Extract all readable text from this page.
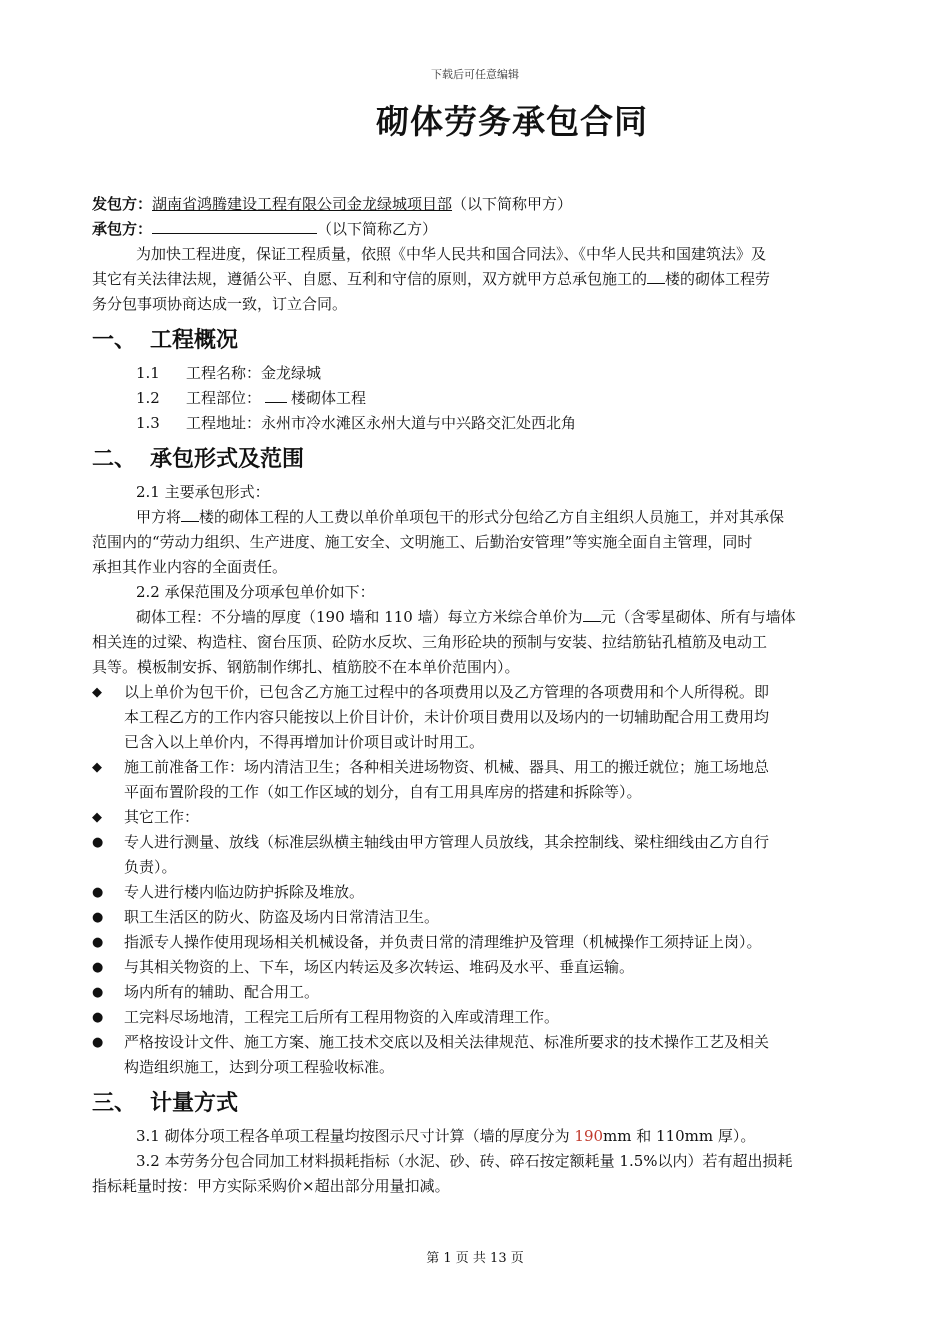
下载后可任意编辑
砌体劳务承包合同
发包方：湖南省鸿腾建设工程有限公司金龙绿城项目部（以下简称甲方）
承包方：	（以下简称乙方）
为加快工程进度，保证工程质量，依照《中华人民共和国合同法》、《中华人民共和国建筑法》及
其它有关法律法规，遵循公平、自愿、互利和守信的原则，双方就甲方总承包施工的 楼的砌体工程劳
务分包事项协商达成一致，订立合同。
一、 工程概况
1.1	工程名称：金龙绿城
1.2	工程部位： 楼砌体工程
1.3	工程地址：永州市冷水滩区永州大道与中兴路交汇处西北角
二、 承包形式及范围
2.1 主要承包形式：
甲方将 楼的砌体工程的人工费以单价单项包干的形式分包给乙方自主组织人员施工，并对其承保
范围内的“劳动力组织、生产进度、施工安全、文明施工、后勤治安管理”等实施全面自主管理，同时
承担其作业内容的全面责任。
2.2 承保范围及分项承包单价如下：
砌体工程：不分墙的厚度（190 墙和 110 墙）每立方米综合单价为 元（含零星砌体、所有与墙体
相关连的过梁、构造柱、窗台压顶、砼防水反坎、三角形砼块的预制与安装、拉结筋钻孔植筋及电动工
具等。模板制安拆、钢筋制作绑扎、植筋胶不在本单价范围内）。
◆	以上单价为包干价，已包含乙方施工过程中的各项费用以及乙方管理的各项费用和个人所得税。即
本工程乙方的工作内容只能按以上价目计价，未计价项目费用以及场内的一切辅助配合用工费用均
已含入以上单价内，不得再增加计价项目或计时用工。
◆	施工前准备工作：场内清洁卫生；各种相关进场物资、机械、器具、用工的搬迁就位；施工场地总
平面布置阶段的工作（如工作区域的划分，自有工用具库房的搭建和拆除等）。
◆	其它工作：
●	专人进行测量、放线（标准层纵横主轴线由甲方管理人员放线，其余控制线、梁柱细线由乙方自行
负责）。
●	专人进行楼内临边防护拆除及堆放。
●	职工生活区的防火、防盗及场内日常清洁卫生。
●	指派专人操作使用现场相关机械设备，并负责日常的清理维护及管理（机械操作工须持证上岗）。
●	与其相关物资的上、下车，场区内转运及多次转运、堆码及水平、垂直运输。
●	场内所有的辅助、配合用工。
●	工完料尽场地清，工程完工后所有工程用物资的入库或清理工作。
●	严格按设计文件、施工方案、施工技术交底以及相关法律规范、标准所要求的技术操作工艺及相关
构造组织施工，达到分项工程验收标准。
三、 计量方式
3.1 砌体分项工程各单项工程量均按图示尺寸计算（墙的厚度分为 190mm 和 110mm 厚）。
3.2 本劳务分包合同加工材料损耗指标（水泥、砂、砖、碎石按定额耗量 1.5%以内）若有超出损耗
指标耗量时按：甲方实际采购价×超出部分用量扣减。
第 1 页 共 13 页
